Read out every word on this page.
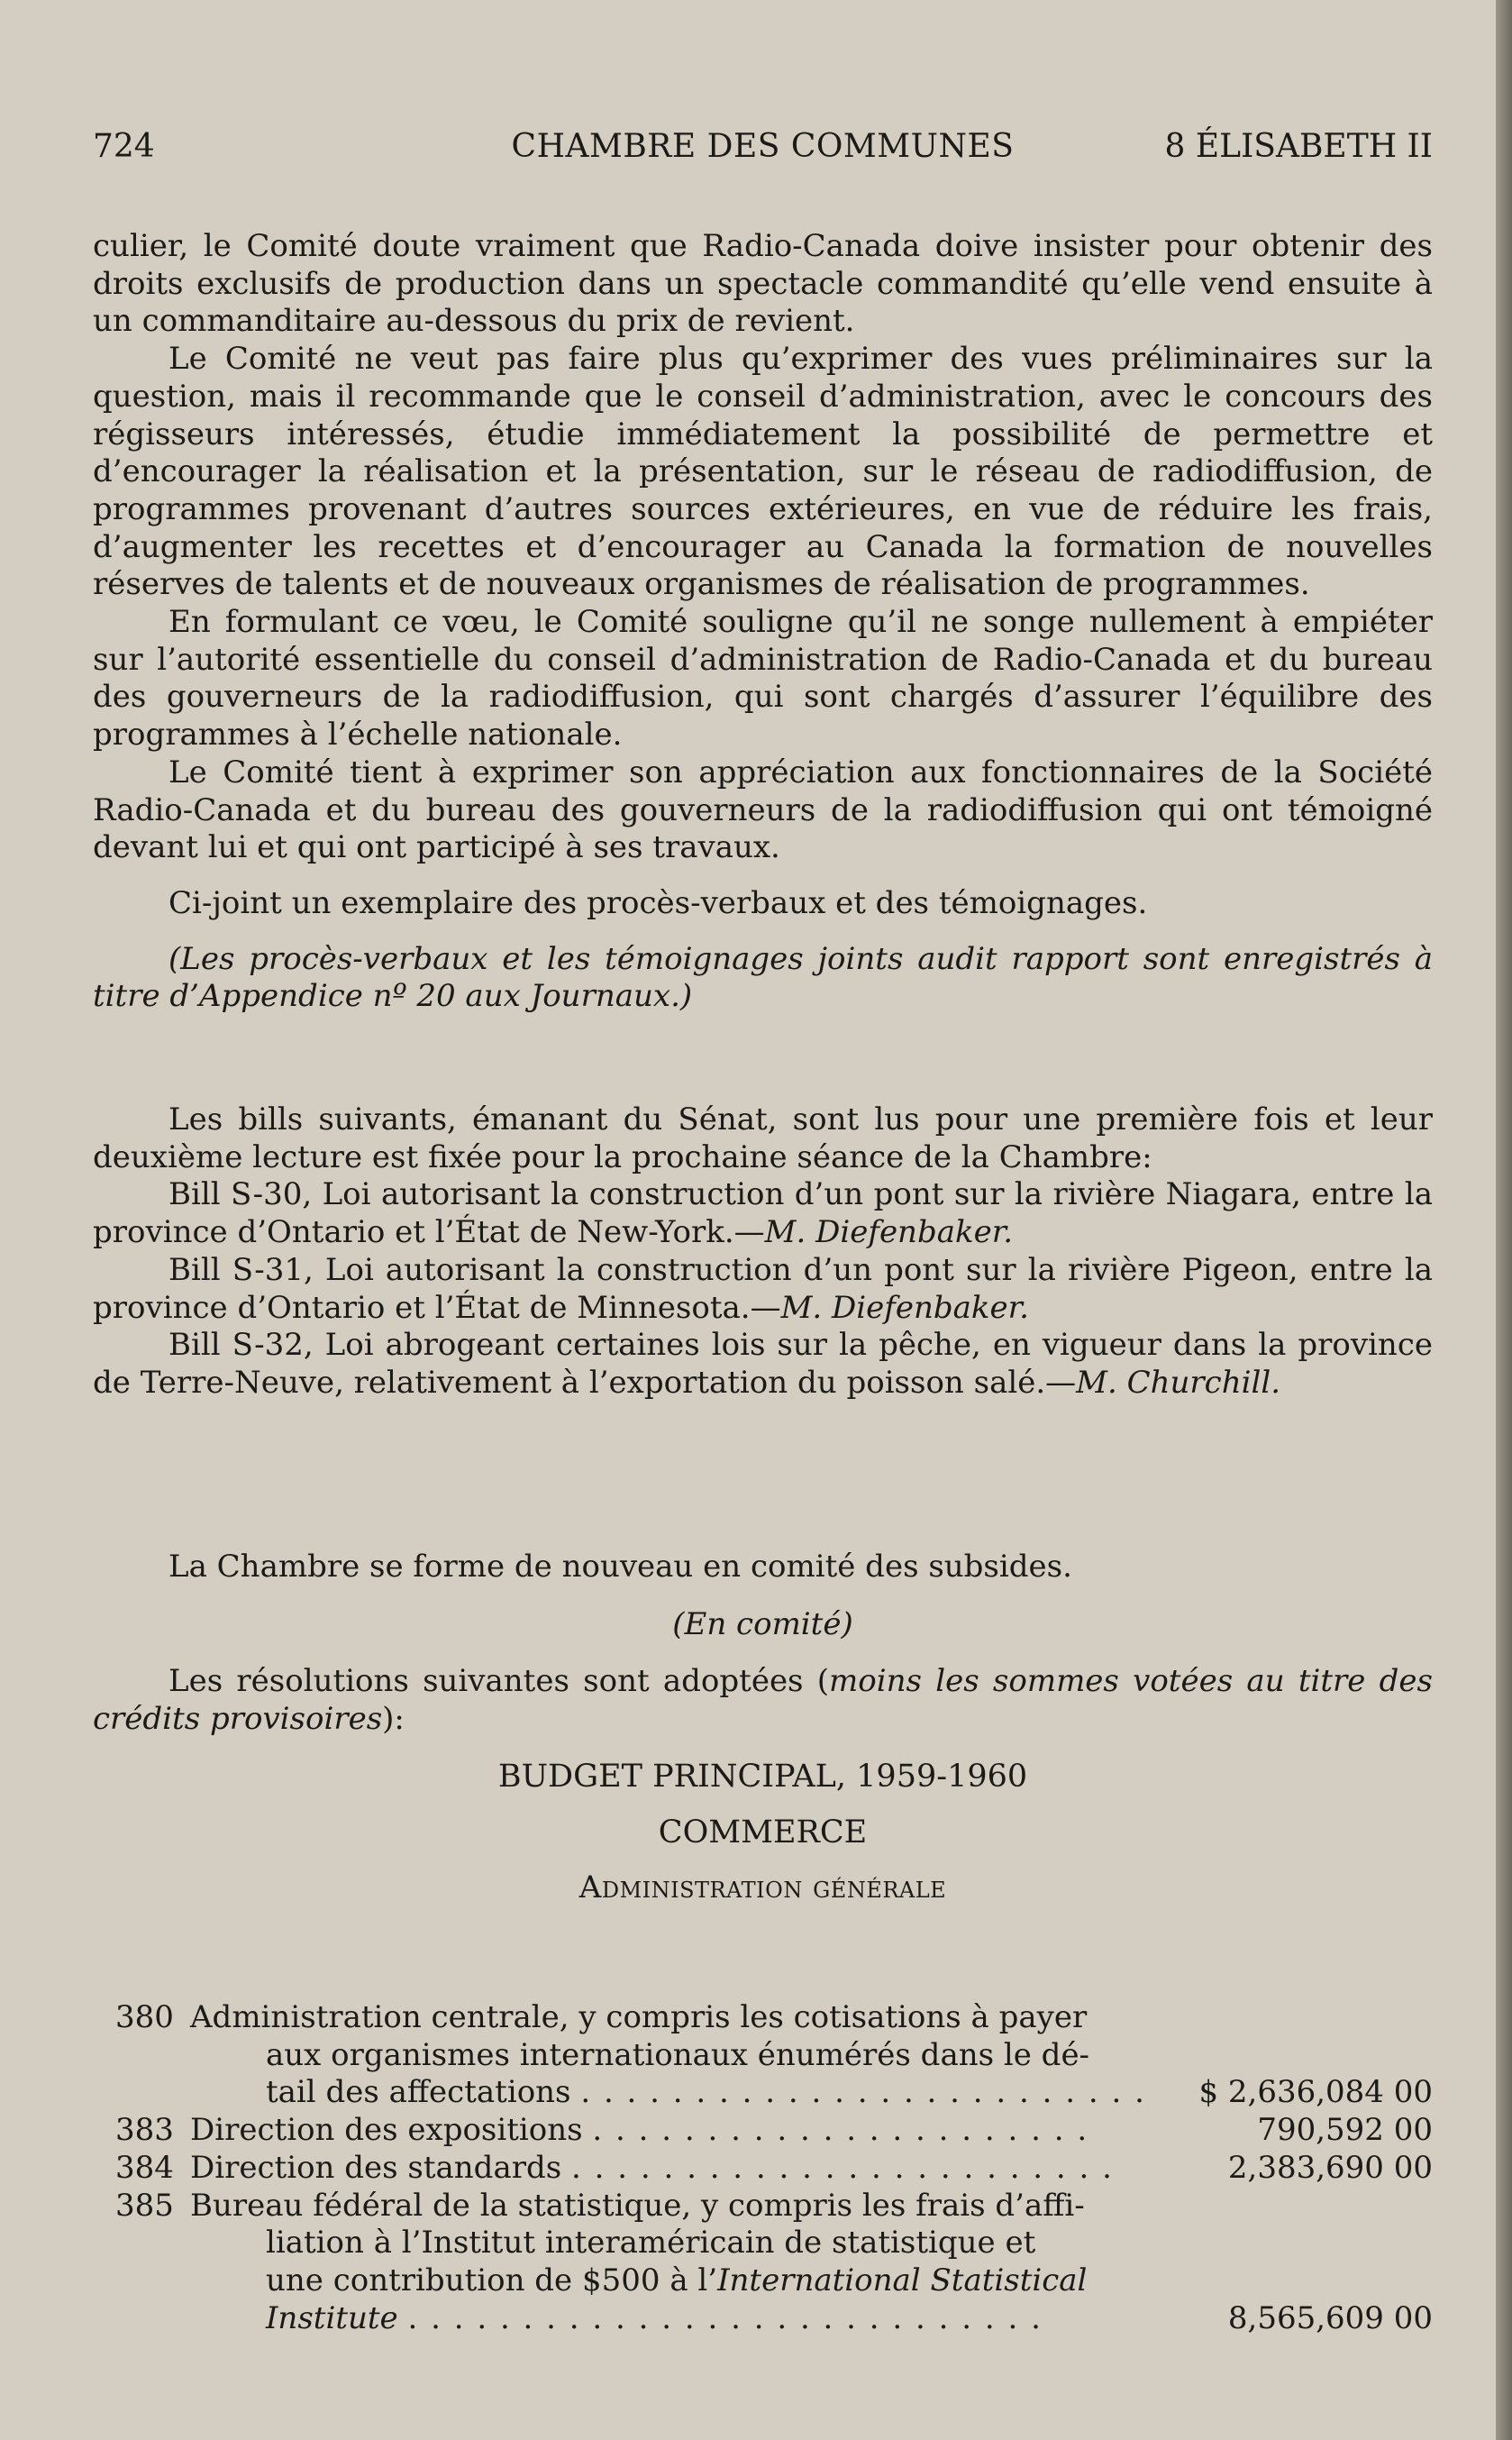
724	CHAMBRE DES COMMUNES	8 ÉLISABETH II

culier, le Comité doute vraiment que Radio-Canada doive insister pour obtenir des droits exclusifs de production dans un spectacle commandité qu’elle vend ensuite à un commanditaire au-dessous du prix de revient.

Le Comité ne veut pas faire plus qu’exprimer des vues préliminaires sur la question, mais il recommande que le conseil d’administration, avec le concours des régisseurs intéressés, étudie immédiatement la possibilité de permettre et d’encourager la réalisation et la présentation, sur le réseau de radiodiffusion, de programmes provenant d’autres sources extérieures, en vue de réduire les frais, d’augmenter les recettes et d’encourager au Canada la formation de nouvelles réserves de talents et de nouveaux organismes de réalisation de programmes.

En formulant ce vœu, le Comité souligne qu’il ne songe nullement à empiéter sur l’autorité essentielle du conseil d’administration de Radio-Canada et du bureau des gouverneurs de la radiodiffusion, qui sont chargés d’assurer l’équilibre des programmes à l’échelle nationale.

Le Comité tient à exprimer son appréciation aux fonctionnaires de la Société Radio-Canada et du bureau des gouverneurs de la radiodiffusion qui ont témoigné devant lui et qui ont participé à ses travaux.

Ci-joint un exemplaire des procès-verbaux et des témoignages.

(Les procès-verbaux et les témoignages joints audit rapport sont enregistrés à titre d’Appendice nº 20 aux Journaux.)

Les bills suivants, émanant du Sénat, sont lus pour une première fois et leur deuxième lecture est fixée pour la prochaine séance de la Chambre:

Bill S-30, Loi autorisant la construction d’un pont sur la rivière Niagara, entre la province d’Ontario et l’État de New-York.—M. Diefenbaker.

Bill S-31, Loi autorisant la construction d’un pont sur la rivière Pigeon, entre la province d’Ontario et l’État de Minnesota.—M. Diefenbaker.

Bill S-32, Loi abrogeant certaines lois sur la pêche, en vigueur dans la province de Terre-Neuve, relativement à l’exportation du poisson salé.—M. Churchill.

La Chambre se forme de nouveau en comité des subsides.

(En comité)

Les résolutions suivantes sont adoptées (moins les sommes votées au titre des crédits provisoires):

BUDGET PRINCIPAL, 1959-1960

COMMERCE

Administration générale

380 Administration centrale, y compris les cotisations à payer
aux organismes internationaux énumérés dans le dé-
tail des affectations . . . . . . . . . . . . . . . . . . . . . . . . .	$ 2,636,084 00
383 Direction des expositions . . . . . . . . . . . . . . . . . . . . . .	790,592 00
384 Direction des standards . . . . . . . . . . . . . . . . . . . . . . . .	2,383,690 00
385 Bureau fédéral de la statistique, y compris les frais d’affi-
liation à l’Institut interaméricain de statistique et
une contribution de $500 à l’International Statistical
Institute . . . . . . . . . . . . . . . . . . . . . . . . . . . .	8,565,609 00
